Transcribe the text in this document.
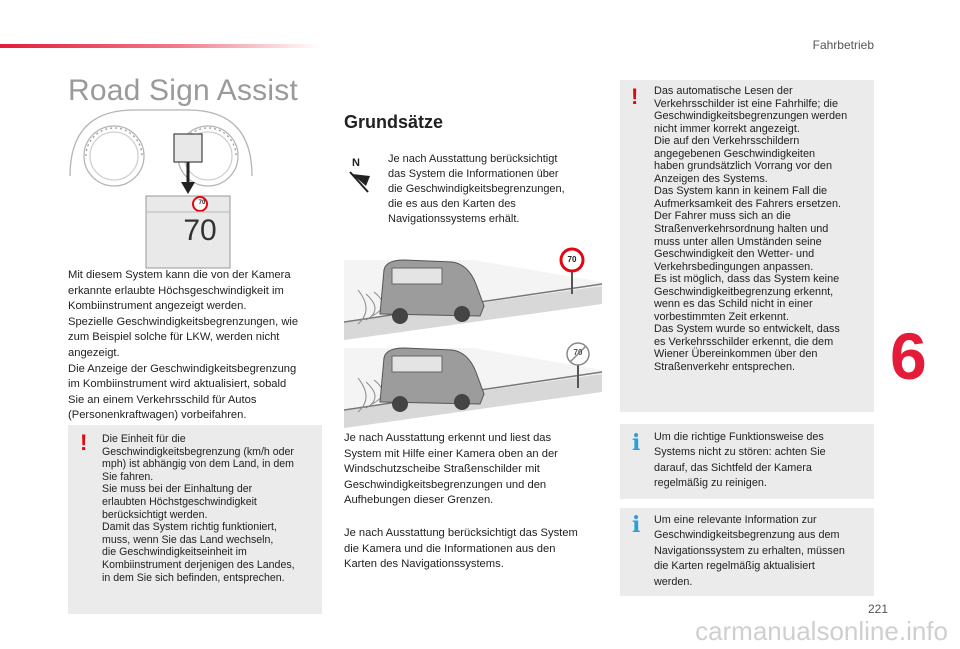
Fahrbetrieb
Road Sign Assist
70
70
Mit diesem System kann die von der Kamera
erkannte erlaubte Höchsgeschwindigkeit im
Kombiinstrument angezeigt werden.
Spezielle Geschwindigkeitsbegrenzungen, wie
zum Beispiel solche für LKW, werden nicht
angezeigt.
Die Anzeige der Geschwindigkeitsbegrenzung
im Kombiinstrument wird aktualisiert, sobald
Sie an einem Verkehrsschild für Autos
(Personenkraftwagen) vorbeifahren.
! Die Einheit für die
Geschwindigkeitsbegrenzung (km/h oder
mph) ist abhängig von dem Land, in dem
Sie fahren.
Sie muss bei der Einhaltung der
erlaubten Höchstgeschwindigkeit
berücksichtigt werden.
Damit das System richtig funktioniert,
muss, wenn Sie das Land wechseln,
die Geschwindigkeitseinheit im
Kombiinstrument derjenigen des Landes,
in dem Sie sich befinden, entsprechen.
Grundsätze
N	Je nach Ausstattung berücksichtigt
das System die Informationen über
die Geschwindigkeitsbegrenzungen,
die es aus den Karten des
Navigationssystems erhält.
70
70
Je nach Ausstattung erkennt und liest das
System mit Hilfe einer Kamera oben an der
Windschutzscheibe Straßenschilder mit
Geschwindigkeitsbegrenzungen und den
Aufhebungen dieser Grenzen.
Je nach Ausstattung berücksichtigt das System
die Kamera und die Informationen aus den
Karten des Navigationssystems.
! Das automatische Lesen der
Verkehrsschilder ist eine Fahrhilfe; die
Geschwindigkeitsbegrenzungen werden
nicht immer korrekt angezeigt.
Die auf den Verkehrsschildern
angegebenen Geschwindigkeiten
haben grundsätzlich Vorrang vor den
Anzeigen des Systems.
Das System kann in keinem Fall die
Aufmerksamkeit des Fahrers ersetzen.
Der Fahrer muss sich an die
Straßenverkehrsordnung halten und
muss unter allen Umständen seine
Geschwindigkeit den Wetter- und
Verkehrsbedingungen anpassen.
Es ist möglich, dass das System keine
Geschwindigkeitbegrenzung erkennt,
wenn es das Schild nicht in einer
vorbestimmten Zeit erkennt.
Das System wurde so entwickelt, dass
es Verkehrsschilder erkennt, die dem
Wiener Übereinkommen über den
Straßenverkehr entsprechen.
i Um die richtige Funktionsweise des
Systems nicht zu stören: achten Sie
darauf, das Sichtfeld der Kamera
regelmäßig zu reinigen.
i Um eine relevante Information zur
Geschwindigkeitsbegrenzung aus dem
Navigationssystem zu erhalten, müssen
die Karten regelmäßig aktualisiert
werden.
6
221
carmanualsonline.info
